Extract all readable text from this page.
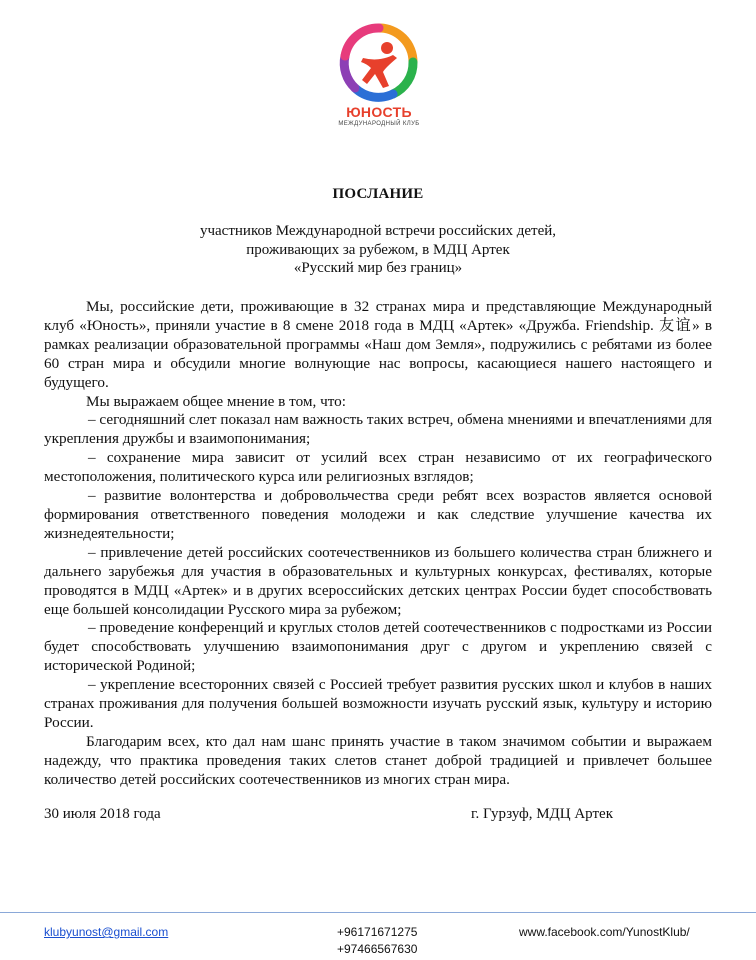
ЮНОСТЬ
МЕЖДУНАРОДНЫЙ КЛУБ
ПОСЛАНИЕ
участников Международной встречи российских детей,
проживающих за рубежом, в МДЦ Артек
«Русский мир без границ»

Мы, российские дети, проживающие в 32 странах мира и представляющие Международный клуб «Юность», приняли участие в 8 смене 2018 года в МДЦ «Артек» «Дружба. Friendship. 友谊» в рамках реализации образовательной программы «Наш дом Земля», подружились с ребятами из более 60 стран мира и обсудили многие волнующие нас вопросы, касающиеся нашего настоящего и будущего.

Мы выражаем общее мнение в том, что:

– сегодняшний слет показал нам важность таких встреч, обмена мнениями и впечатлениями для укрепления дружбы и взаимопонимания;

– сохранение мира зависит от усилий всех стран независимо от их географического местоположения, политического курса или религиозных взглядов;

– развитие волонтерства и добровольчества среди ребят всех возрастов является основой формирования ответственного поведения молодежи и как следствие улучшение качества их жизнедеятельности;

– привлечение детей российских соотечественников из большего количества стран ближнего и дальнего зарубежья для участия в образовательных и культурных конкурсах, фестивалях, которые проводятся в МДЦ «Артек» и в других всероссийских детских центрах России будет способствовать еще большей консолидации Русского мира за рубежом;

– проведение конференций и круглых столов детей соотечественников с подростками из России будет способствовать улучшению взаимопонимания друг с другом и укреплению связей с исторической Родиной;

– укрепление всесторонних связей с Россией требует развития русских школ и клубов в наших странах проживания для получения большей возможности изучать русский язык, культуру и историю России.

Благодарим всех, кто дал нам шанс принять участие в таком значимом событии и выражаем надежду, что практика проведения таких слетов станет доброй традицией и привлечет большее количество детей российских соотечественников из многих стран мира.

30 июля 2018 года	г. Гурзуф, МДЦ Артек
klubyunost@gmail.com	+96171671275
+97466567630
www.facebook.com/YunostKlub/
